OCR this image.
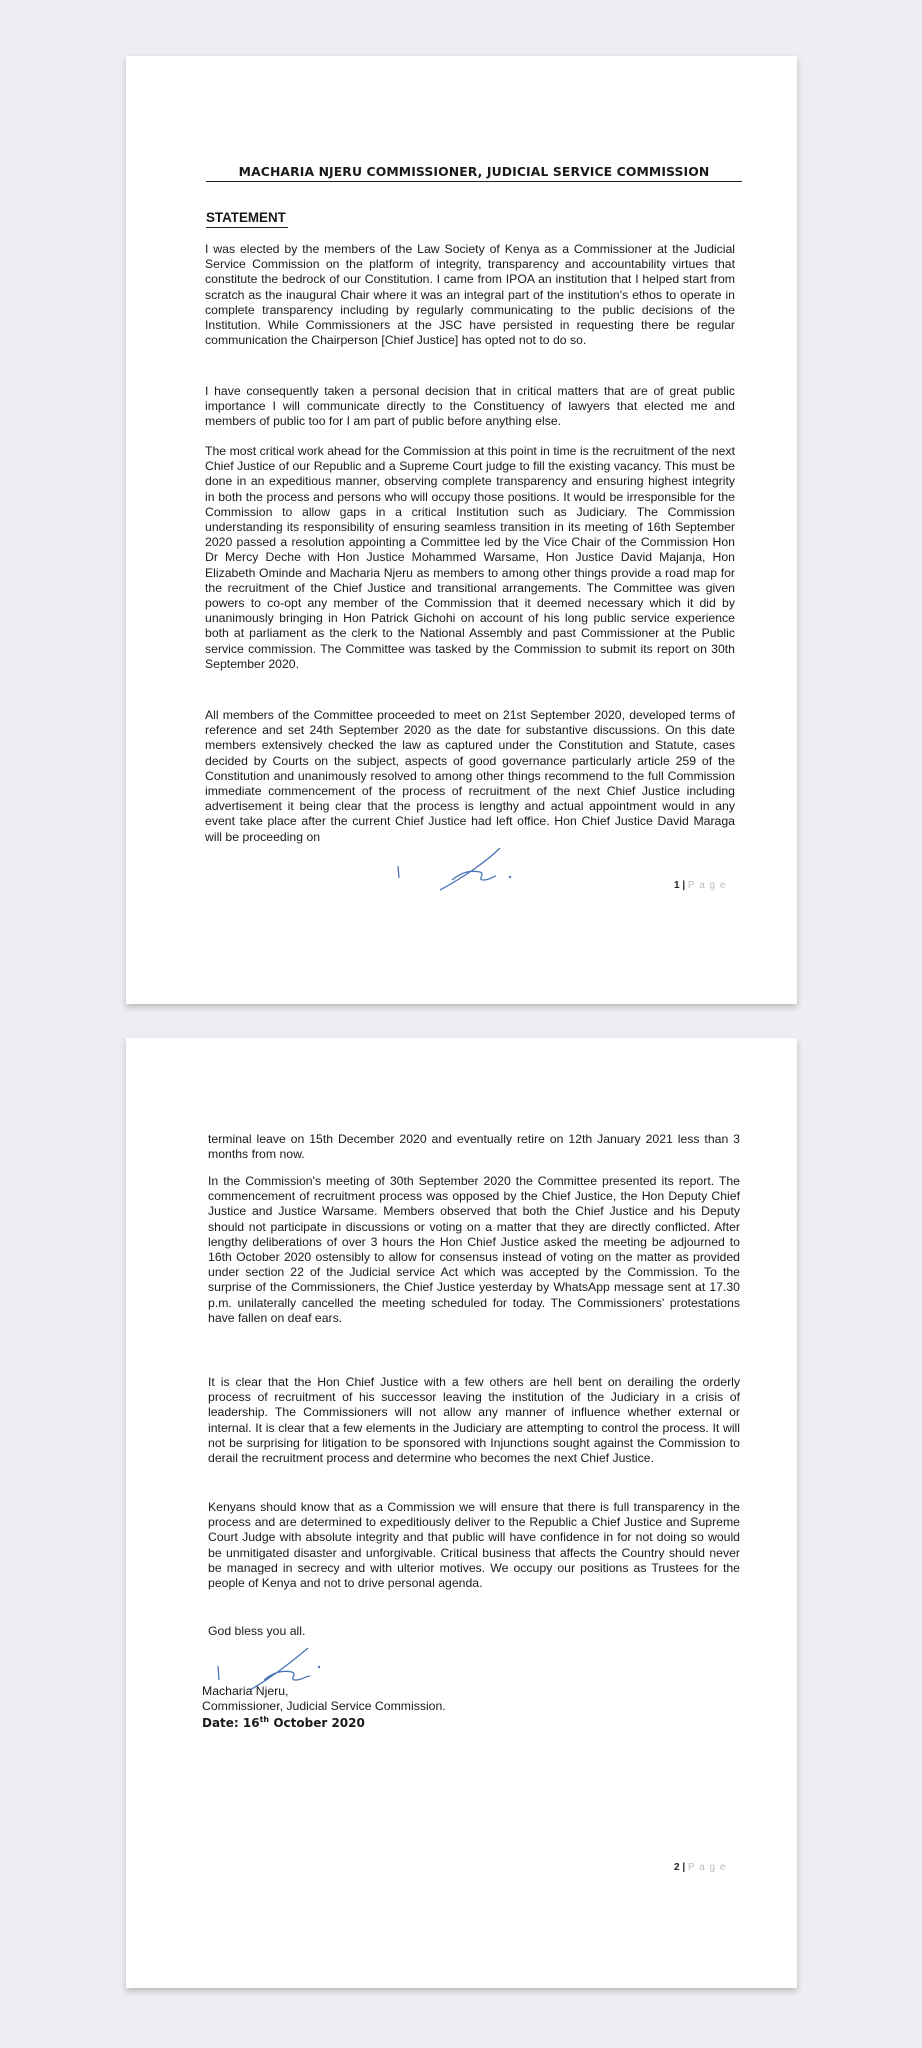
MACHARIA NJERU COMMISSIONER, JUDICIAL SERVICE COMMISSION
STATEMENT

I was elected by the members of the Law Society of Kenya as a Commissioner at the Judicial Service Commission on the platform of integrity, transparency and accountability virtues that constitute the bedrock of our Constitution. I came from IPOA an institution that I helped start from scratch as the inaugural Chair where it was an integral part of the institution's ethos to operate in complete transparency including by regularly communicating to the public decisions of the Institution. While Commissioners at the JSC have persisted in requesting there be regular communication the Chairperson [Chief Justice] has opted not to do so.

I have consequently taken a personal decision that in critical matters that are of great public importance I will communicate directly to the Constituency of lawyers that elected me and members of public too for I am part of public before anything else.

The most critical work ahead for the Commission at this point in time is the recruitment of the next Chief Justice of our Republic and a Supreme Court judge to fill the existing vacancy. This must be done in an expeditious manner, observing complete transparency and ensuring highest integrity in both the process and persons who will occupy those positions. It would be irresponsible for the Commission to allow gaps in a critical Institution such as Judiciary. The Commission understanding its responsibility of ensuring seamless transition in its meeting of 16th September 2020 passed a resolution appointing a Committee led by the Vice Chair of the Commission Hon Dr Mercy Deche with Hon Justice Mohammed Warsame, Hon Justice David Majanja, Hon Elizabeth Ominde and Macharia Njeru as members to among other things provide a road map for the recruitment of the Chief Justice and transitional arrangements. The Committee was given powers to co-opt any member of the Commission that it deemed necessary which it did by unanimously bringing in Hon Patrick Gichohi on account of his long public service experience both at parliament as the clerk to the National Assembly and past Commissioner at the Public service commission. The Committee was tasked by the Commission to submit its report on 30th September 2020.

All members of the Committee proceeded to meet on 21st September 2020, developed terms of reference and set 24th September 2020 as the date for substantive discussions. On this date members extensively checked the law as captured under the Constitution and Statute, cases decided by Courts on the subject, aspects of good governance particularly article 259 of the Constitution and unanimously resolved to among other things recommend to the full Commission immediate commencement of the process of recruitment of the next Chief Justice including advertisement it being clear that the process is lengthy and actual appointment would in any event take place after the current Chief Justice had left office. Hon Chief Justice David Maraga will be proceeding on

1 | P a g e

terminal leave on 15th December 2020 and eventually retire on 12th January 2021 less than 3 months from now.

In the Commission's meeting of 30th September 2020 the Committee presented its report. The commencement of recruitment process was opposed by the Chief Justice, the Hon Deputy Chief Justice and Justice Warsame. Members observed that both the Chief Justice and his Deputy should not participate in discussions or voting on a matter that they are directly conflicted. After lengthy deliberations of over 3 hours the Hon Chief Justice asked the meeting be adjourned to 16th October 2020 ostensibly to allow for consensus instead of voting on the matter as provided under section 22 of the Judicial service Act which was accepted by the Commission. To the surprise of the Commissioners, the Chief Justice yesterday by WhatsApp message sent at 17.30 p.m. unilaterally cancelled the meeting scheduled for today. The Commissioners' protestations have fallen on deaf ears.

It is clear that the Hon Chief Justice with a few others are hell bent on derailing the orderly process of recruitment of his successor leaving the institution of the Judiciary in a crisis of leadership. The Commissioners will not allow any manner of influence whether external or internal. It is clear that a few elements in the Judiciary are attempting to control the process. It will not be surprising for litigation to be sponsored with Injunctions sought against the Commission to derail the recruitment process and determine who becomes the next Chief Justice.

Kenyans should know that as a Commission we will ensure that there is full transparency in the process and are determined to expeditiously deliver to the Republic a Chief Justice and Supreme Court Judge with absolute integrity and that public will have confidence in for not doing so would be unmitigated disaster and unforgivable. Critical business that affects the Country should never be managed in secrecy and with ulterior motives. We occupy our positions as Trustees for the people of Kenya and not to drive personal agenda.

God bless you all.

Macharia Njeru,
Commissioner, Judicial Service Commission.
Date: 16th October 2020
2 | P a g e
